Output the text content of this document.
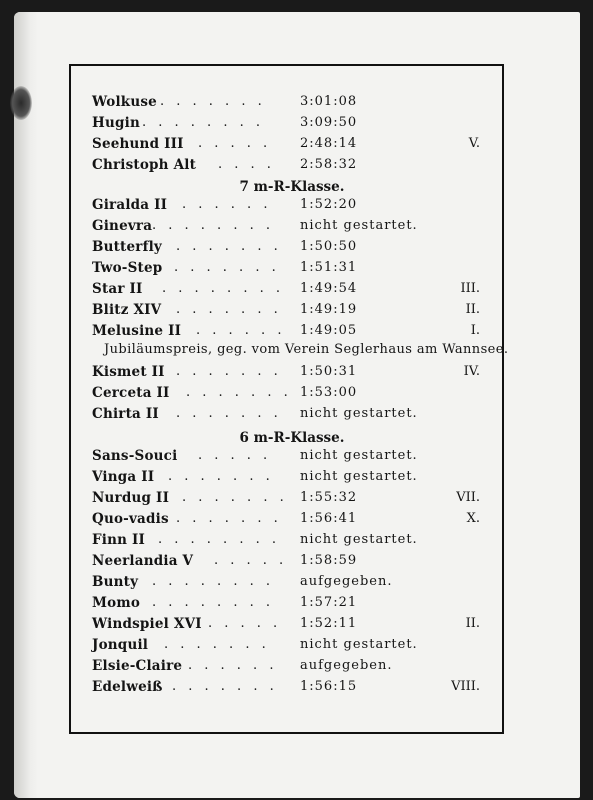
Wolkuse . . . . . . .	3:01:08
Hugin . . . . . . . .	3:09:50
Seehund III . . . . . 2:48:14	V.
Christoph Alt . . . . 2:58:32
7 m-R-Klasse.
Giralda II . . . . . . 1:52:20
Ginevra . . . . . . . . nicht gestartet.
Butterfly . . . . . . . 1:50:50
Two-Step . . . . . . . 1:51:31
Star II . . . . . . . . 1:49:54	III.
Blitz XIV . . . . . . . 1:49:19	II.
Melusine II . . . . . . 1:49:05	I.
Jubiläumspreis, geg. vom Verein Seglerhaus am Wannsee.
Kismet II . . . . . . . 1:50:31	IV.
Cerceta II . . . . . . . 1:53:00
Chirta II . . . . . . . nicht gestartet.
6 m-R-Klasse.
Sans-Souci . . . . . nicht gestartet.
Vinga II . . . . . . . nicht gestartet.
Nurdug II . . . . . . . 1:55:32	VII.
Quo-vadis . . . . . . . 1:56:41	X.
Finn II . . . . . . . . nicht gestartet.
Neerlandia V . . . . . 1:58:59
Bunty . . . . . . . . aufgegeben.
Momo . . . . . . . . 1:57:21
Windspiel XVI . . . . . 1:52:11	II.
Jonquil . . . . . . . nicht gestartet.
Elsie-Claire . . . . . . aufgegeben.
Edelweiß . . . . . . . 1:56:15	VIII.
